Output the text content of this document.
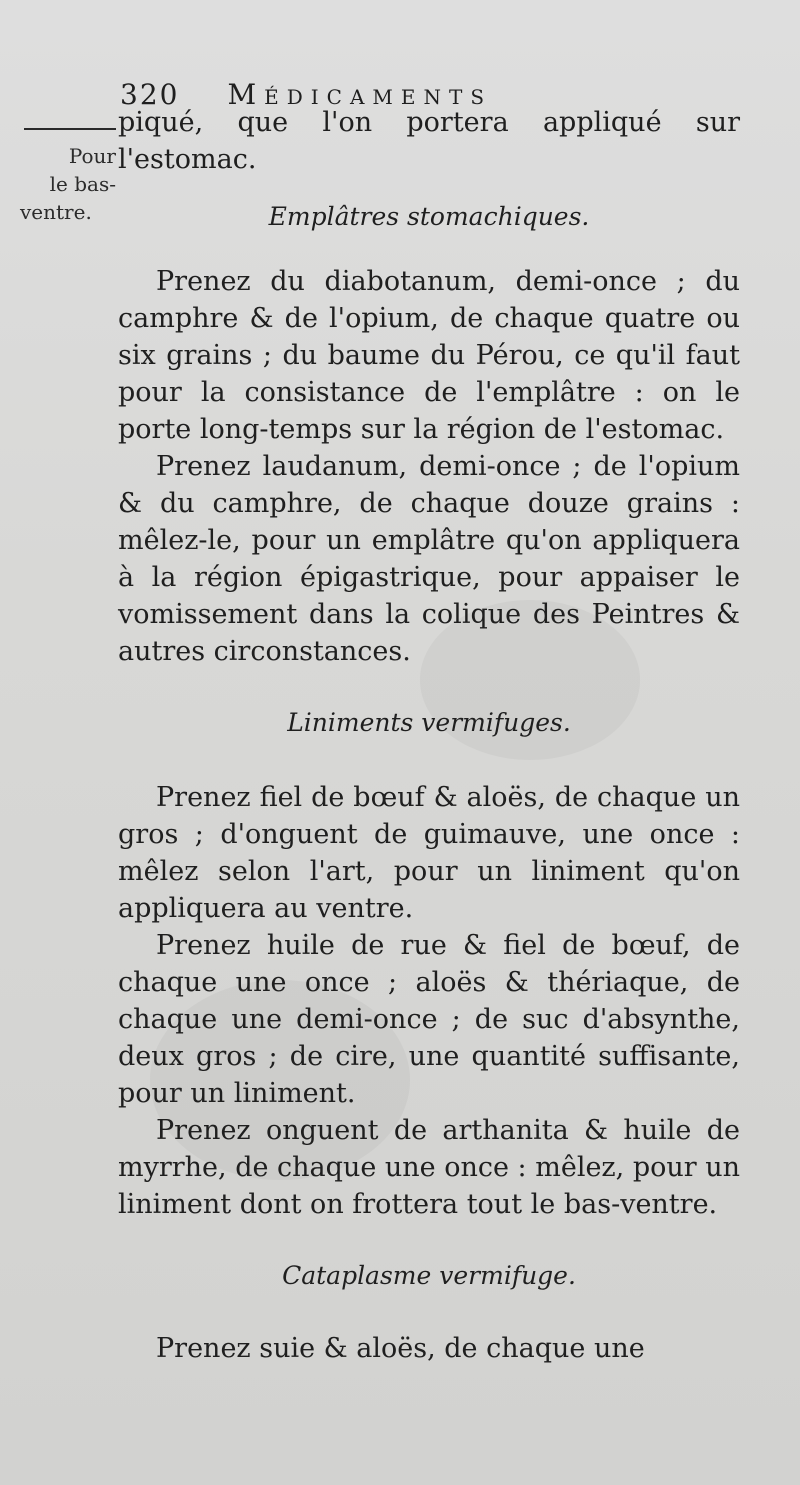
320 Médicaments
Pour
le bas-
ventre.

piqué, que l'on portera appliqué sur l'estomac.

Emplâtres stomachiques.

Prenez du diabotanum, demi-once ; du camphre & de l'opium, de chaque quatre ou six grains ; du baume du Pérou, ce qu'il faut pour la consistance de l'emplâtre : on le porte long-temps sur la région de l'estomac.

Prenez laudanum, demi-once ; de l'opium & du camphre, de chaque douze grains : mêlez-le, pour un emplâtre qu'on appliquera à la région épigastrique, pour appaiser le vomissement dans la colique des Peintres & autres circonstances.

Liniments vermifuges.

Prenez fiel de bœuf & aloës, de chaque un gros ; d'onguent de guimauve, une once : mêlez selon l'art, pour un liniment qu'on appliquera au ventre.

Prenez huile de rue & fiel de bœuf, de chaque une once ; aloës & thériaque, de chaque une demi-once ; de suc d'absynthe, deux gros ; de cire, une quantité suffisante, pour un liniment.

Prenez onguent de arthanita & huile de myrrhe, de chaque une once : mêlez, pour un liniment dont on frottera tout le bas-ventre.

Cataplasme vermifuge.

Prenez suie & aloës, de chaque une
